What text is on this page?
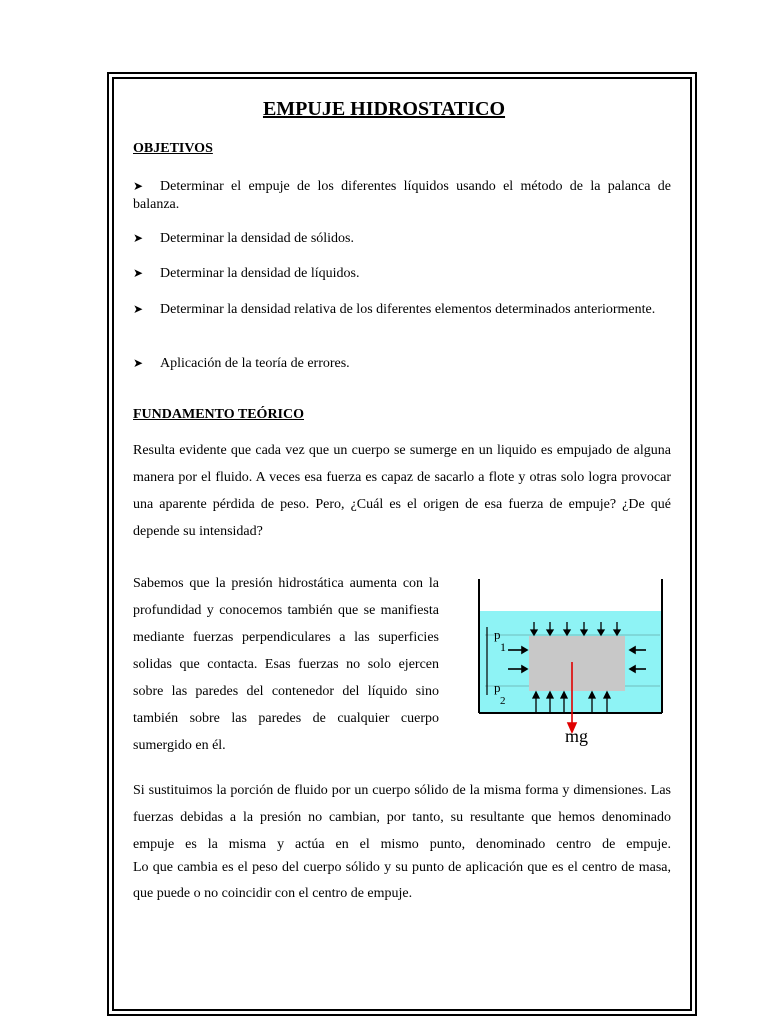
EMPUJE HIDROSTATICO
OBJETIVOS
➤ Determinar el empuje de los diferentes líquidos usando el método de la palanca de balanza.
➤ Determinar la densidad de sólidos.
➤ Determinar la densidad de líquidos.
➤ Determinar la densidad relativa de los diferentes elementos determinados anteriormente.
➤ Aplicación de la teoría de errores.
FUNDAMENTO TEÓRICO
Resulta evidente que cada vez que un cuerpo se sumerge en un liquido es empujado de alguna manera por el fluido. A veces esa fuerza es capaz de sacarlo a flote y otras solo logra provocar una aparente pérdida de peso. Pero, ¿Cuál es el origen de esa fuerza de empuje? ¿De qué depende su intensidad?
Sabemos que la presión hidrostática aumenta con la profundidad y conocemos también que se manifiesta mediante fuerzas perpendiculares a las superficies solidas que contacta. Esas fuerzas no solo ejercen sobre las paredes del contenedor del líquido sino también sobre las paredes de cualquier cuerpo sumergido en él.
p
1
p
2
mg
Si sustituimos la porción de fluido por un cuerpo sólido de la misma forma y dimensiones. Las fuerzas debidas a la presión no cambian, por tanto, su resultante que hemos denominado empuje es la misma y actúa en el mismo punto, denominado centro de empuje.
Lo que cambia es el peso del cuerpo sólido y su punto de aplicación que es el centro de masa, que puede o no coincidir con el centro de empuje.
